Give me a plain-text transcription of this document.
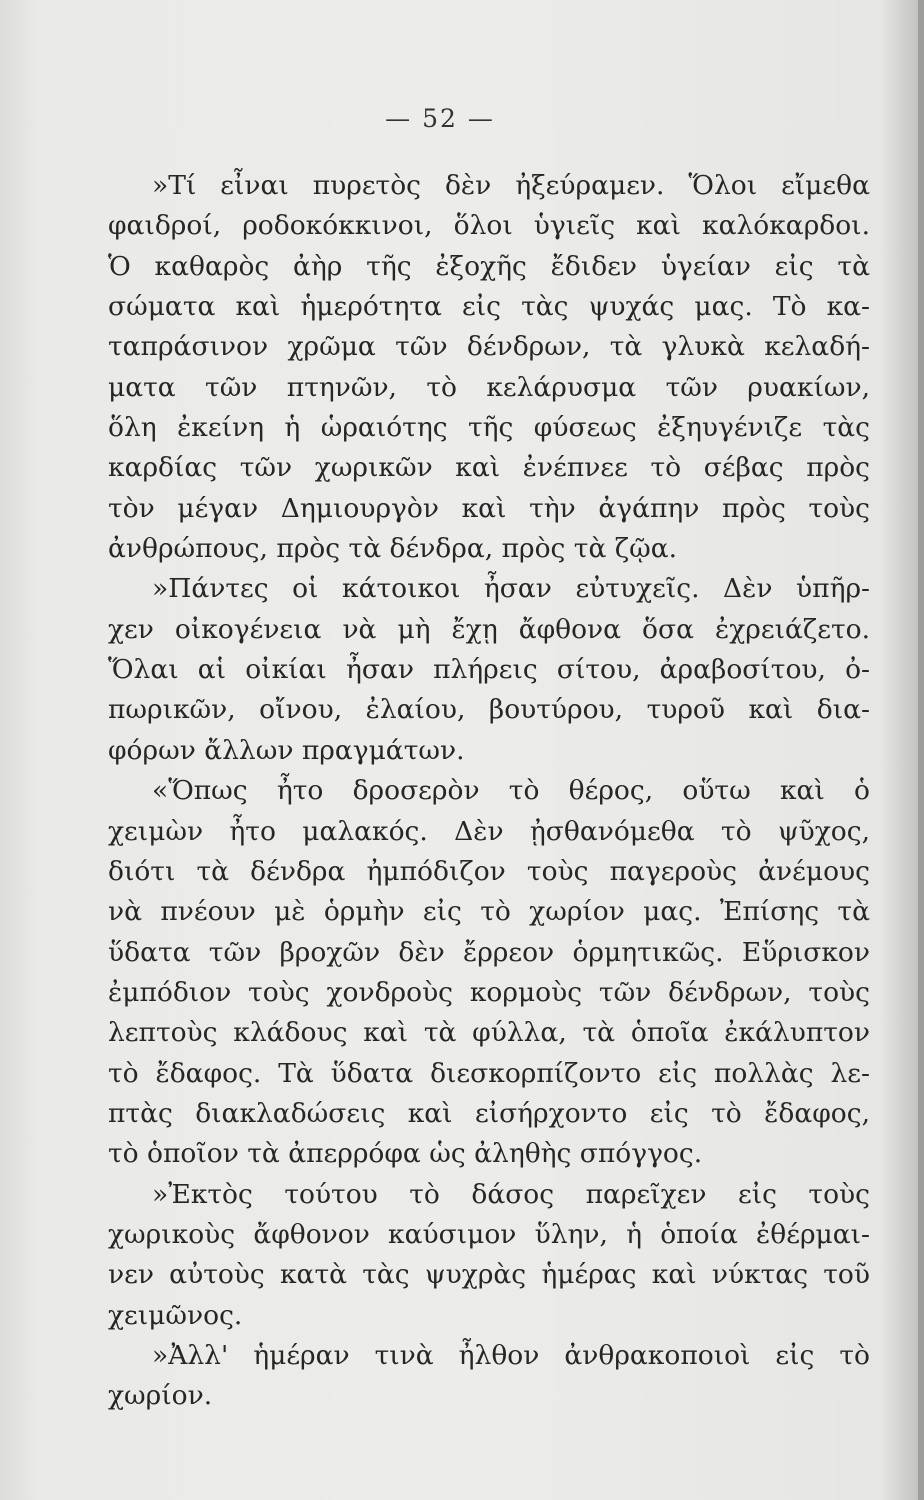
— 52 —
»Τί εἶναι πυρετὸς δὲν ἠξεύραμεν. Ὅλοι εἴμεθα
φαιδροί, ροδοκόκκινοι, ὅλοι ὑγιεῖς καὶ καλόκαρδοι.
Ὁ καθαρὸς ἀὴρ τῆς ἐξοχῆς ἔδιδεν ὑγείαν εἰς τὰ
σώματα καὶ ἡμερότητα εἰς τὰς ψυχάς μας. Τὸ κα-
ταπράσινον χρῶμα τῶν δένδρων, τὰ γλυκὰ κελαδή-
ματα τῶν πτηνῶν, τὸ κελάρυσμα τῶν ρυακίων,
ὅλη ἐκείνη ἡ ὡραιότης τῆς φύσεως ἐξηυγένιζε τὰς
καρδίας τῶν χωρικῶν καὶ ἐνέπνεε τὸ σέβας πρὸς
τὸν μέγαν Δημιουργὸν καὶ τὴν ἀγάπην πρὸς τοὺς
ἀνθρώπους, πρὸς τὰ δένδρα, πρὸς τὰ ζῷα.
»Πάντες οἱ κάτοικοι ἦσαν εὐτυχεῖς. Δὲν ὑπῆρ-
χεν οἰκογένεια νὰ μὴ ἔχῃ ἄφθονα ὅσα ἐχρειάζετο.
Ὅλαι αἱ οἰκίαι ἦσαν πλήρεις σίτου, ἀραβοσίτου, ὀ-
πωρικῶν, οἴνου, ἐλαίου, βουτύρου, τυροῦ καὶ δια-
φόρων ἄλλων πραγμάτων.
«Ὅπως ἦτο δροσερὸν τὸ θέρος, οὕτω καὶ ὁ
χειμὼν ἦτο μαλακός. Δὲν ᾐσθανόμεθα τὸ ψῦχος,
διότι τὰ δένδρα ἠμπόδιζον τοὺς παγεροὺς ἀνέμους
νὰ πνέουν μὲ ὁρμὴν εἰς τὸ χωρίον μας. Ἐπίσης τὰ
ὕδατα τῶν βροχῶν δὲν ἔρρεον ὁρμητικῶς. Εὕρισκον
ἐμπόδιον τοὺς χονδροὺς κορμοὺς τῶν δένδρων, τοὺς
λεπτοὺς κλάδους καὶ τὰ φύλλα, τὰ ὁποῖα ἐκάλυπτον
τὸ ἔδαφος. Τὰ ὕδατα διεσκορπίζοντο εἰς πολλὰς λε-
πτὰς διακλαδώσεις καὶ εἰσήρχοντο εἰς τὸ ἔδαφος,
τὸ ὁποῖον τὰ ἀπερρόφα ὡς ἀληθὴς σπόγγος.
»Ἐκτὸς τούτου τὸ δάσος παρεῖχεν εἰς τοὺς
χωρικοὺς ἄφθονον καύσιμον ὕλην, ἡ ὁποία ἐθέρμαι-
νεν αὐτοὺς κατὰ τὰς ψυχρὰς ἡμέρας καὶ νύκτας τοῦ
χειμῶνος.
»Ἀλλ' ἡμέραν τινὰ ἦλθον ἀνθρακοποιοὶ εἰς τὸ
χωρίον.
